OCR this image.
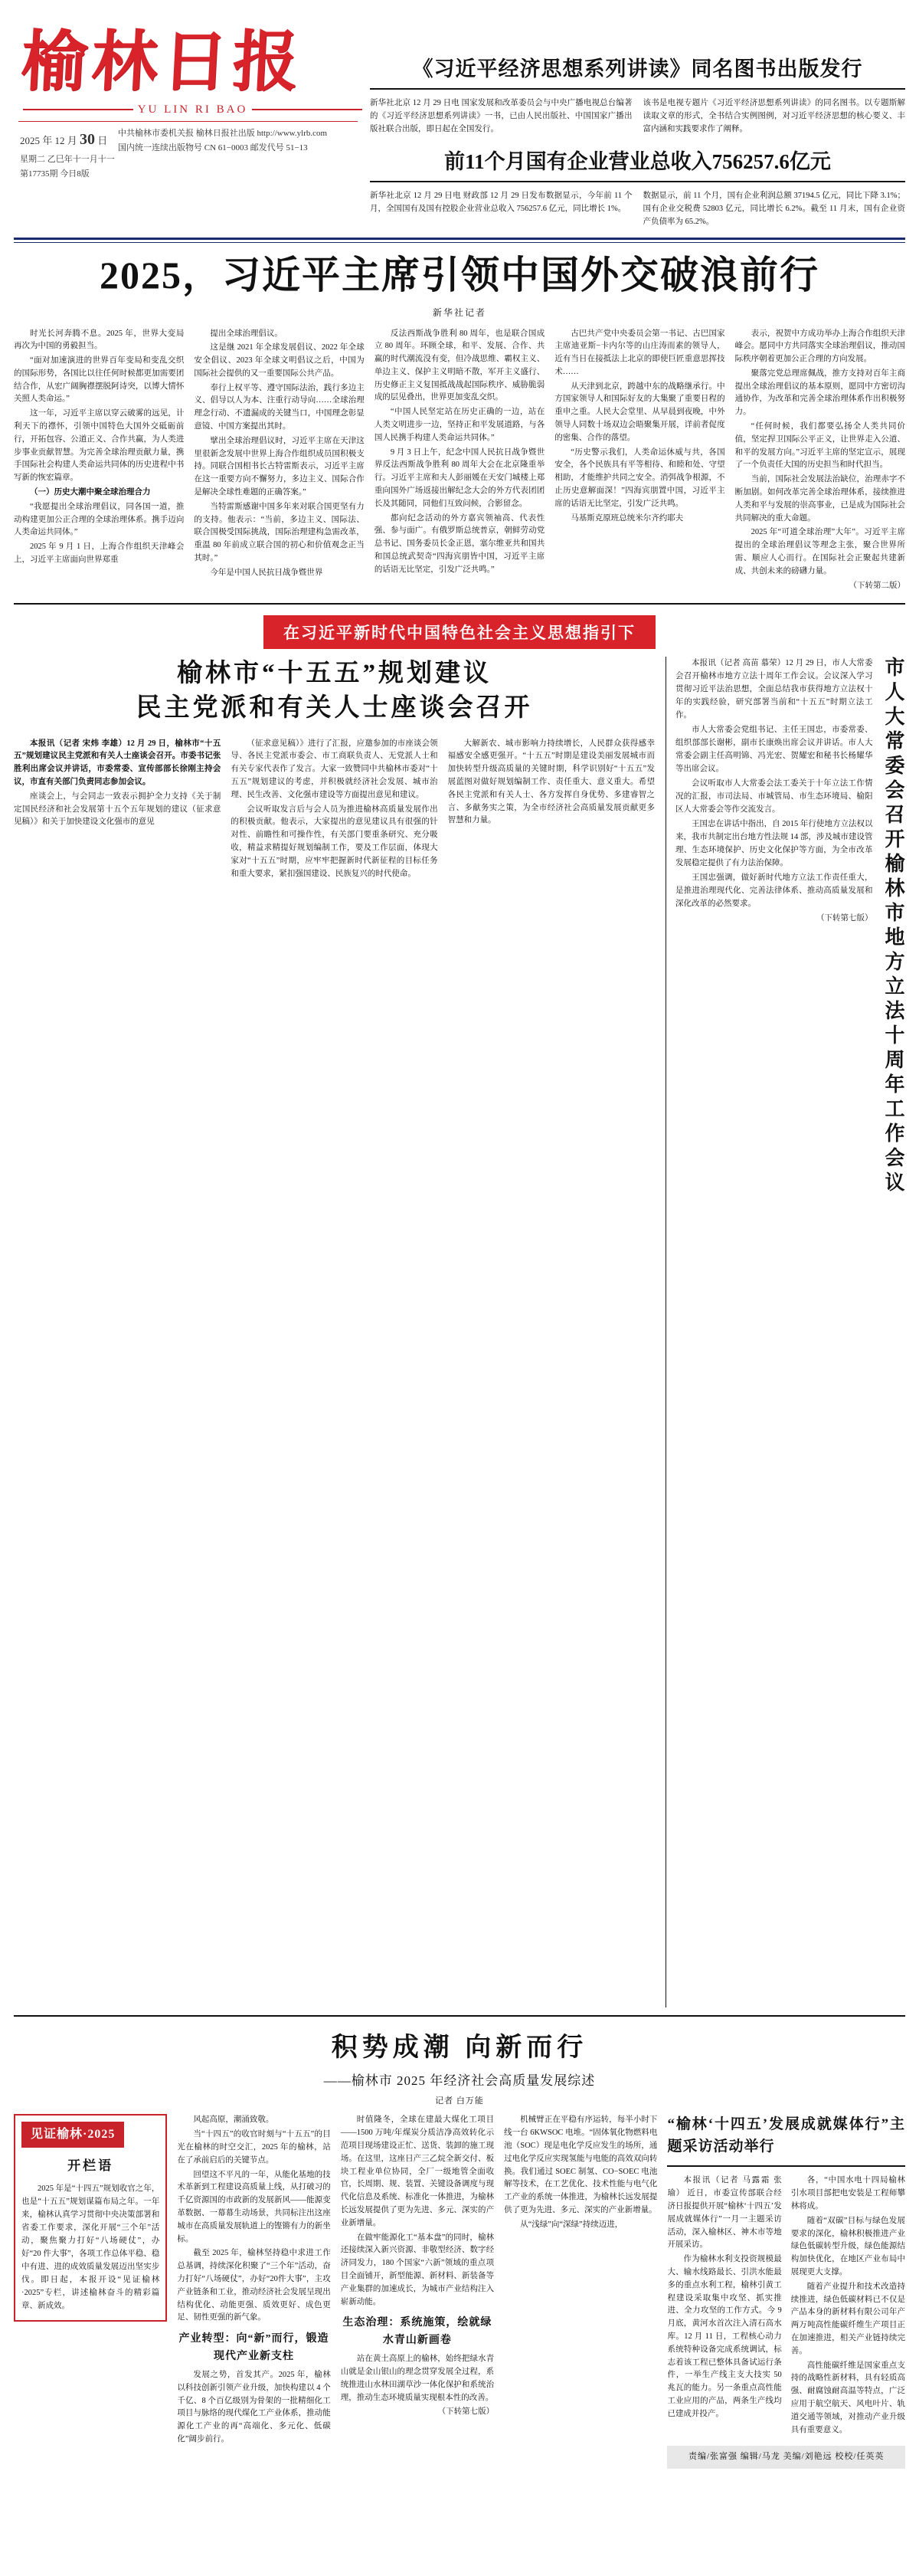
榆林日报
YU LIN RI BAO
2025 年 12 月 30 日
星期二 乙巳年十一月十一
第17735期 今日8版
中共榆林市委机关报 榆林日报社出版 http://www.ylrb.com
国内统一连续出版物号 CN 61−0003 邮发代号 51−13
《习近平经济思想系列讲读》同名图书出版发行
新华社北京 12 月 29 日电 国家发展和改革委员会与中央广播电视总台编著的《习近平经济思想系列讲读》一书，已由人民出版社、中国国家广播出版社联合出版，即日起在全国发行。
该书是电视专题片《习近平经济思想系列讲读》的同名图书。以专题斯解读取文章的形式，全书结合实例图例，对习近平经济思想的核心要义、丰富内涵和实践要求作了阐释。
前11个月国有企业营业总收入756257.6亿元
新华社北京 12 月 29 日电 财政部 12 月 29 日发布数据显示，今年前 11 个月，全国国有及国有控股企业营业总收入 756257.6 亿元，同比增长 1%。
数据显示，前 11 个月，国有企业利润总额 37194.5 亿元，同比下降 3.1%；国有企业交税费 52803 亿元，同比增长 6.2%。截至 11 月末，国有企业资产负债率为 65.2%。
2025，习近平主席引领中国外交破浪前行
新华社记者

时光长河奔腾不息。2025 年，世界大变局再次为中国的勇毅担当。

“面对加速演进的世界百年变局和变乱交织的国际形势，各国比以往任何时候都更加需要团结合作，从宏广阔胸襟摆脱阿诗突，以博大情怀关照人类命运。”

这一年，习近平主席以穿云破雾的远见，计利天下的襟怀，引领中国特色大国外交砥砺前行，开拓包容、公道正义、合作共赢，为人类进步事业贡献智慧。为完善全球治理贡献力量，携手国际社会构建人类命运共同体的历史进程中书写新的恢宏篇章。

（一）历史大潮中聚全球治理合力

“我愿提出全球治理倡议，同各国一道，推动构建更加公正合理的全球治理体系。携手迈向人类命运共同体。”

2025 年 9 月 1 日，上海合作组织天津峰会上，习近平主席面向世界郑重

提出全球治理倡议。

这是继 2021 年全球发展倡议、2022 年全球安全倡议、2023 年全球文明倡议之后，中国为国际社会提供的又一重要国际公共产品。

奉行上权平等、遵守国际法治，践行多边主义、倡导以人为本、注重行动导向……全球治理理念行动、不遗漏成的关键当口，中国理念彰显意镜、中国方案提出其时。

擘出全球治理倡议时，习近平主席在天津这里很新念发展中世界上海合作组织成员国积极支持。同联合国相书长古特雷斯表示，习近平主席在这一重要方向不懈努力，多边主义、国际合作是解决全球性难题的正确答案。”

当特雷斯感谢中国多年来对联合国更坚有力的支持。他表示：“当前，多边主义、国际法、联合国极受国际挑战，国际治理建构急需改革，重温 80 年前成立联合国的初心和价值观念正当其时。”

今年是中国人民抗日战争暨世界

反法西斯战争胜利 80 周年，也是联合国成立 80 周年。环顾全球，和平、发展、合作、共赢的时代潮流没有变，但冷战思维、霸权主义、单边主义、保护主义明暗不散，军开主义盛行、历史修正主义复国抵战战起国际秩序、威胁脆弱成的层见叠出，世界更加变乱交织。

“中国人民坚定站在历史正确的一边，站在人类文明进步一边，坚持正和平发展道路，与各国人民携手构建人类命运共同体。”

9 月 3 日上午，纪念中国人民抗日战争暨世界反法西斯战争胜利 80 周年大会在北京隆重举行。习近平主席和夫人彭丽媛在天安门城楼上郑重向国外广场返接出解纪念大会的外方代表团团长及其随同，同他们互致问候，合影留念。

都向纪念活动的外方嘉宾领袖高、代表性强、参与面广。有俄罗斯总统普京，朝鲜劳动党总书记、国务委员长金正恩，塞尔维亚共和国共和国总统武契奇“四海宾朋皆中国，习近平主席的话语无比坚定，引发广泛共鸣。”

古巴共产党中央委员会第一书记、古巴国家主席迪亚斯−卡内尔等的山庄涛而素的领导人，近有当日在接抵法上北京的即使巨匠重意思挥技术……

从天津到北京，跨越中东的战略继承行。中方国家领导人和国际好友的大集聚了重要日程的重申之重。人民大会堂里、从早晨到夜晚，中外领导人同数十场双边会晤聚集开展，详前者促度的密集、合作的落望。

“历史警示我们，人类命运休威与共，各国安全，各个民族具有平等相待、和睦和处、守望相助，才能维护共同之安全。消弭战争根源，不止历史意解面深！”四海宾朋置中国，习近平主席的话语无比坚定，引发广泛共鸣。

马基斯克原班总统米尔齐约耶夫

表示，祝贺中方成功举办上海合作组织天津峰会。愿同中方共同落实全球治理倡议，推动国际秩序朝着更加公正合理的方向发展。

聚落完党总理席佩战，推方支持对百年主商提出全球治理倡议的基本原则，愿同中方密切沟通协作，为改革和完善全球治理体系作出积极努力。

“任何时候，我们都要弘扬全人类共同价值，坚定捍卫国际公平正义，让世界走入公道、和平的发展方向。”习近平主席的坚定宣示，展现了一个负责任大国的历史担当和时代担当。

当前，国际社会发展法治缺位，治理赤字不断加剧。如何改革完善全球治理体系，接续推进人类和平与发展的崇高事业，已是成为国际社会共同解决的重大命题。

2025 年“可道全球治理”大年”。习近平主席提出的全球治理倡议等理念主张，聚合世界所需、顺应人心而行。在国际社会正聚起共建新成、共创未来的磅礴力量。

（下转第二版）

在习近平新时代中国特色社会主义思想指引下
榆林市“十五五”规划建议
民主党派和有关人士座谈会召开

本报讯（记者 宋炜 李雄）12 月 29 日，榆林市“十五五”规划建议民主党派和有关人士座谈会召开。市委书记张胜利出席会议并讲话，市委常委、宣传部部长徐刚主持会议，市直有关部门负责同志参加会议。

座谈会上，与会同志一致表示拥护全力支持《关于制定国民经济和社会发展第十五个五年规划的建议（征求意见稿）》和关于加快建设文化强市的意见

（征求意见稿）》进行了汇报，应邀参加的市座谈会领导、各民主党派市委会、市工商联负责人、无党派人士和有关专家代表作了发言。大家一致赞同中共榆林市委对“十五五”规划建议的考虑，并积极就经济社会发展、城市治理、民生改善、文化强市建设等方面提出意见和建议。

会议听取发言后与会人员为推进榆林高质量发展作出的积极贡献。他表示，大家提出的意见建议具有很强的针对性、前瞻性和可操作性，有关部门要重条研究、充分吸收，精益求精提好规划编制工作，要及工作层面，体现大家对“十五五”时期，应牢牢把握新时代新征程的目标任务和重大要求，紧扣强国建设、民族复兴的时代使命。

大解新农、城市影响力持续增长，人民群众获得感幸福感安全感更强开。“十五五”时期是建设美丽发展城市而加快转型升级高质量的关键时期，科学识别好“十五五”发展蓝图对做好规划编制工作、责任重大、意义重大。希望各民主党派和有关人士、各方发挥自身优势、多建睿智之言、多献务实之策，为全市经济社会高质量发展贡献更多智慧和力量。

本报讯（记者 高苗 慕荣）12 月 29 日，市人大常委会召开榆林市地方立法十周年工作会议。会议深入学习贯彻习近平法治思想，全面总结我市获得地方立法权十年的实践经验，研究部署当前和“十五五”时期立法工作。

市人大常委会党组书记、主任王国忠，市委常委、组织部部长谢彬，副市长康焕出席会议并讲话。市人大常委会副主任高明锦、冯光宏、贺耀宏和秘书长杨耀华等出席会议。

会议听取市人大常委会法工委关于十年立法工作情况的汇报，市司法局、市城管局、市生态环境局、榆阳区人大常委会等作交流发言。

王国忠在讲话中指出，自 2015 年行使地方立法权以来，我市共制定出台地方性法规 14 部，涉及城市建设管理、生态环境保护、历史文化保护等方面，为全市改革发展稳定提供了有力法治保障。

王国忠强调，做好新时代地方立法工作责任重大，是推进治理现代化、完善法律体系、推动高质量发展和深化改革的必然要求。

（下转第七版） 市人大常委会召开榆林市地方立法十周年工作会议
积势成潮 向新而行
——榆林市 2025 年经济社会高质量发展综述
记者 白万能
见证榆林·2025
开栏语

2025 年是“十四五”规划收官之年，也是“十五五”规划谋篇布局之年。一年来，榆林认真学习贯彻中央决策部署和省委工作要求，深化开展“三个年”活动，聚焦聚力打好“八场硬仗”，办好“20 件大事”，各项工作总体平稳、稳中有进、进的成效质量发展迈出坚实步伐。即日起，本报开设“见证榆林·2025”专栏，讲述榆林奋斗的精彩篇章、新成效。

风起高原，潮涌致敬。

当“十四五”的收官时刻与“十五五”的目光在榆林的时空交汇，2025 年的榆林，站在了承前启后的关键节点。

回望这不平凡的一年，从能化基地的技术革新到工程建设高质量上线，从打破习的千亿资源国的市政新的发展新风——能源变革数据、一幕幕生动场景，共同标注出这座城市在高质量发展轨道上的铿锵有力的新坐标。

截至 2025 年，榆林坚持稳中求进工作总基调，持续深化积聚了“三个年”活动，奋力打好“八场硬仗”，办好“20件大事”，主攻产业链条和工业，推动经济社会发展呈现出结构优化、动能更强、质效更好、成色更足、韧性更强的新气象。

产业转型：向“新”而行，锻造现代产业新支柱

发展之势，首发其产。2025 年，榆林以科技创新引领产业升级，加快构建以 4 个千亿、8 个百亿级别为骨架的一批精细化工项目与脉络的现代煤化工产业体系，推动能源化工产业的再“高端化、多元化、低碳化”阔步前行。

时值隆冬，全球在建最大煤化工项目——1500 万吨/年煤炭分质洁净高效转化示范项目现场建设正忙、送货、装卸的施工现场。在这里，这座日产三乙烷全新交付、板块工程业单位协同，全厂一级地管全面收官，长周期、规、装置、关键设备调度与现代化信息及系统、标准化一体推进，为榆林长远发展提供了更为先进、多元、深实的产业新增量。

在做牢能源化工“基本盘”的同时，榆林还接续深入新兴资源、非敬型经济、数字经济同发力，180 个国家“六新”领域的重点项目全面铺开，新型能源、新材料、新装备等产业集群的加速成长，为城市产业结构注入崭新动能。

生态治理：系统施策，绘就绿水青山新画卷

站在黄土高原上的榆林，始终把绿水青山就是金山银山的理念贯穿发展全过程，系统推进山水林田湖草沙一体化保护和系统治理，推动生态环境质量实现根本性的改善。

（下转第七版）

机械臂正在平稳有序运转，每半小时下线一台 6KWSOC 电堆。“固体氧化物燃料电池（SOC）现是电化学反应发生的场所，通过电化学反应实现氢能与电能的高效双向转换。我们通过 SOEC 制氢、CO−SOEC 电池解等技术，在工艺优化、技术性能与电气化工产业的系统一体推进，为榆林长远发展提供了更为先进、多元、深实的产业新增量。

从“浅绿”向“深绿”持续迈进，

“榆林‘十四五’发展成就媒体行”主题采访活动举行

本报讯（记者 马露霜 张瑜） 近日，市委宣传部联合经济日报提供开展“榆林‘十四五’发展成就媒体行”一月一主题采访活动，深入榆林区、神木市等地开展采访。

作为榆林水利支投资规模最大、输水线路最长、引洪水能最多的重点水利工程，榆林引黄工程建设采取集中攻坚、抓实推进、全力攻坚的工作方式。今 9 月底，黄河水首次注入清石高水库。12 月 11 日，工程核心动力系统特种设备完成系统调试，标志着该工程已整体具备试运行条件，一举生产线主支大技实 50 兆瓦的能力。另一条重点高性能工业应用的产品，两条生产线均已建成并投产。

各，“中国水电十四局榆林引水项目部把电安装是工程师攀林将成。

随着“双碳”目标与绿色发展要求的深化，榆林积极推进产业绿色低碳转型升级，绿色能源结构加快优化，在地区产业布局中展现更大支撑。

随着产业提升和技术改造持续推进，绿色低碳材料已不仅是产品本身的新材料有限公司年产两万吨高性能碳纤维生产项目正在加速推进，相关产业链持续完善。

高性能碳纤维是国家重点支持的战略性新材料，具有轻质高强、耐腐蚀耐高温等特点，广泛应用于航空航天、风电叶片、轨道交通等领域，对推动产业升级具有重要意义。

责编/张富强 编辑/马龙 美编/刘艳远 校校/任英英
